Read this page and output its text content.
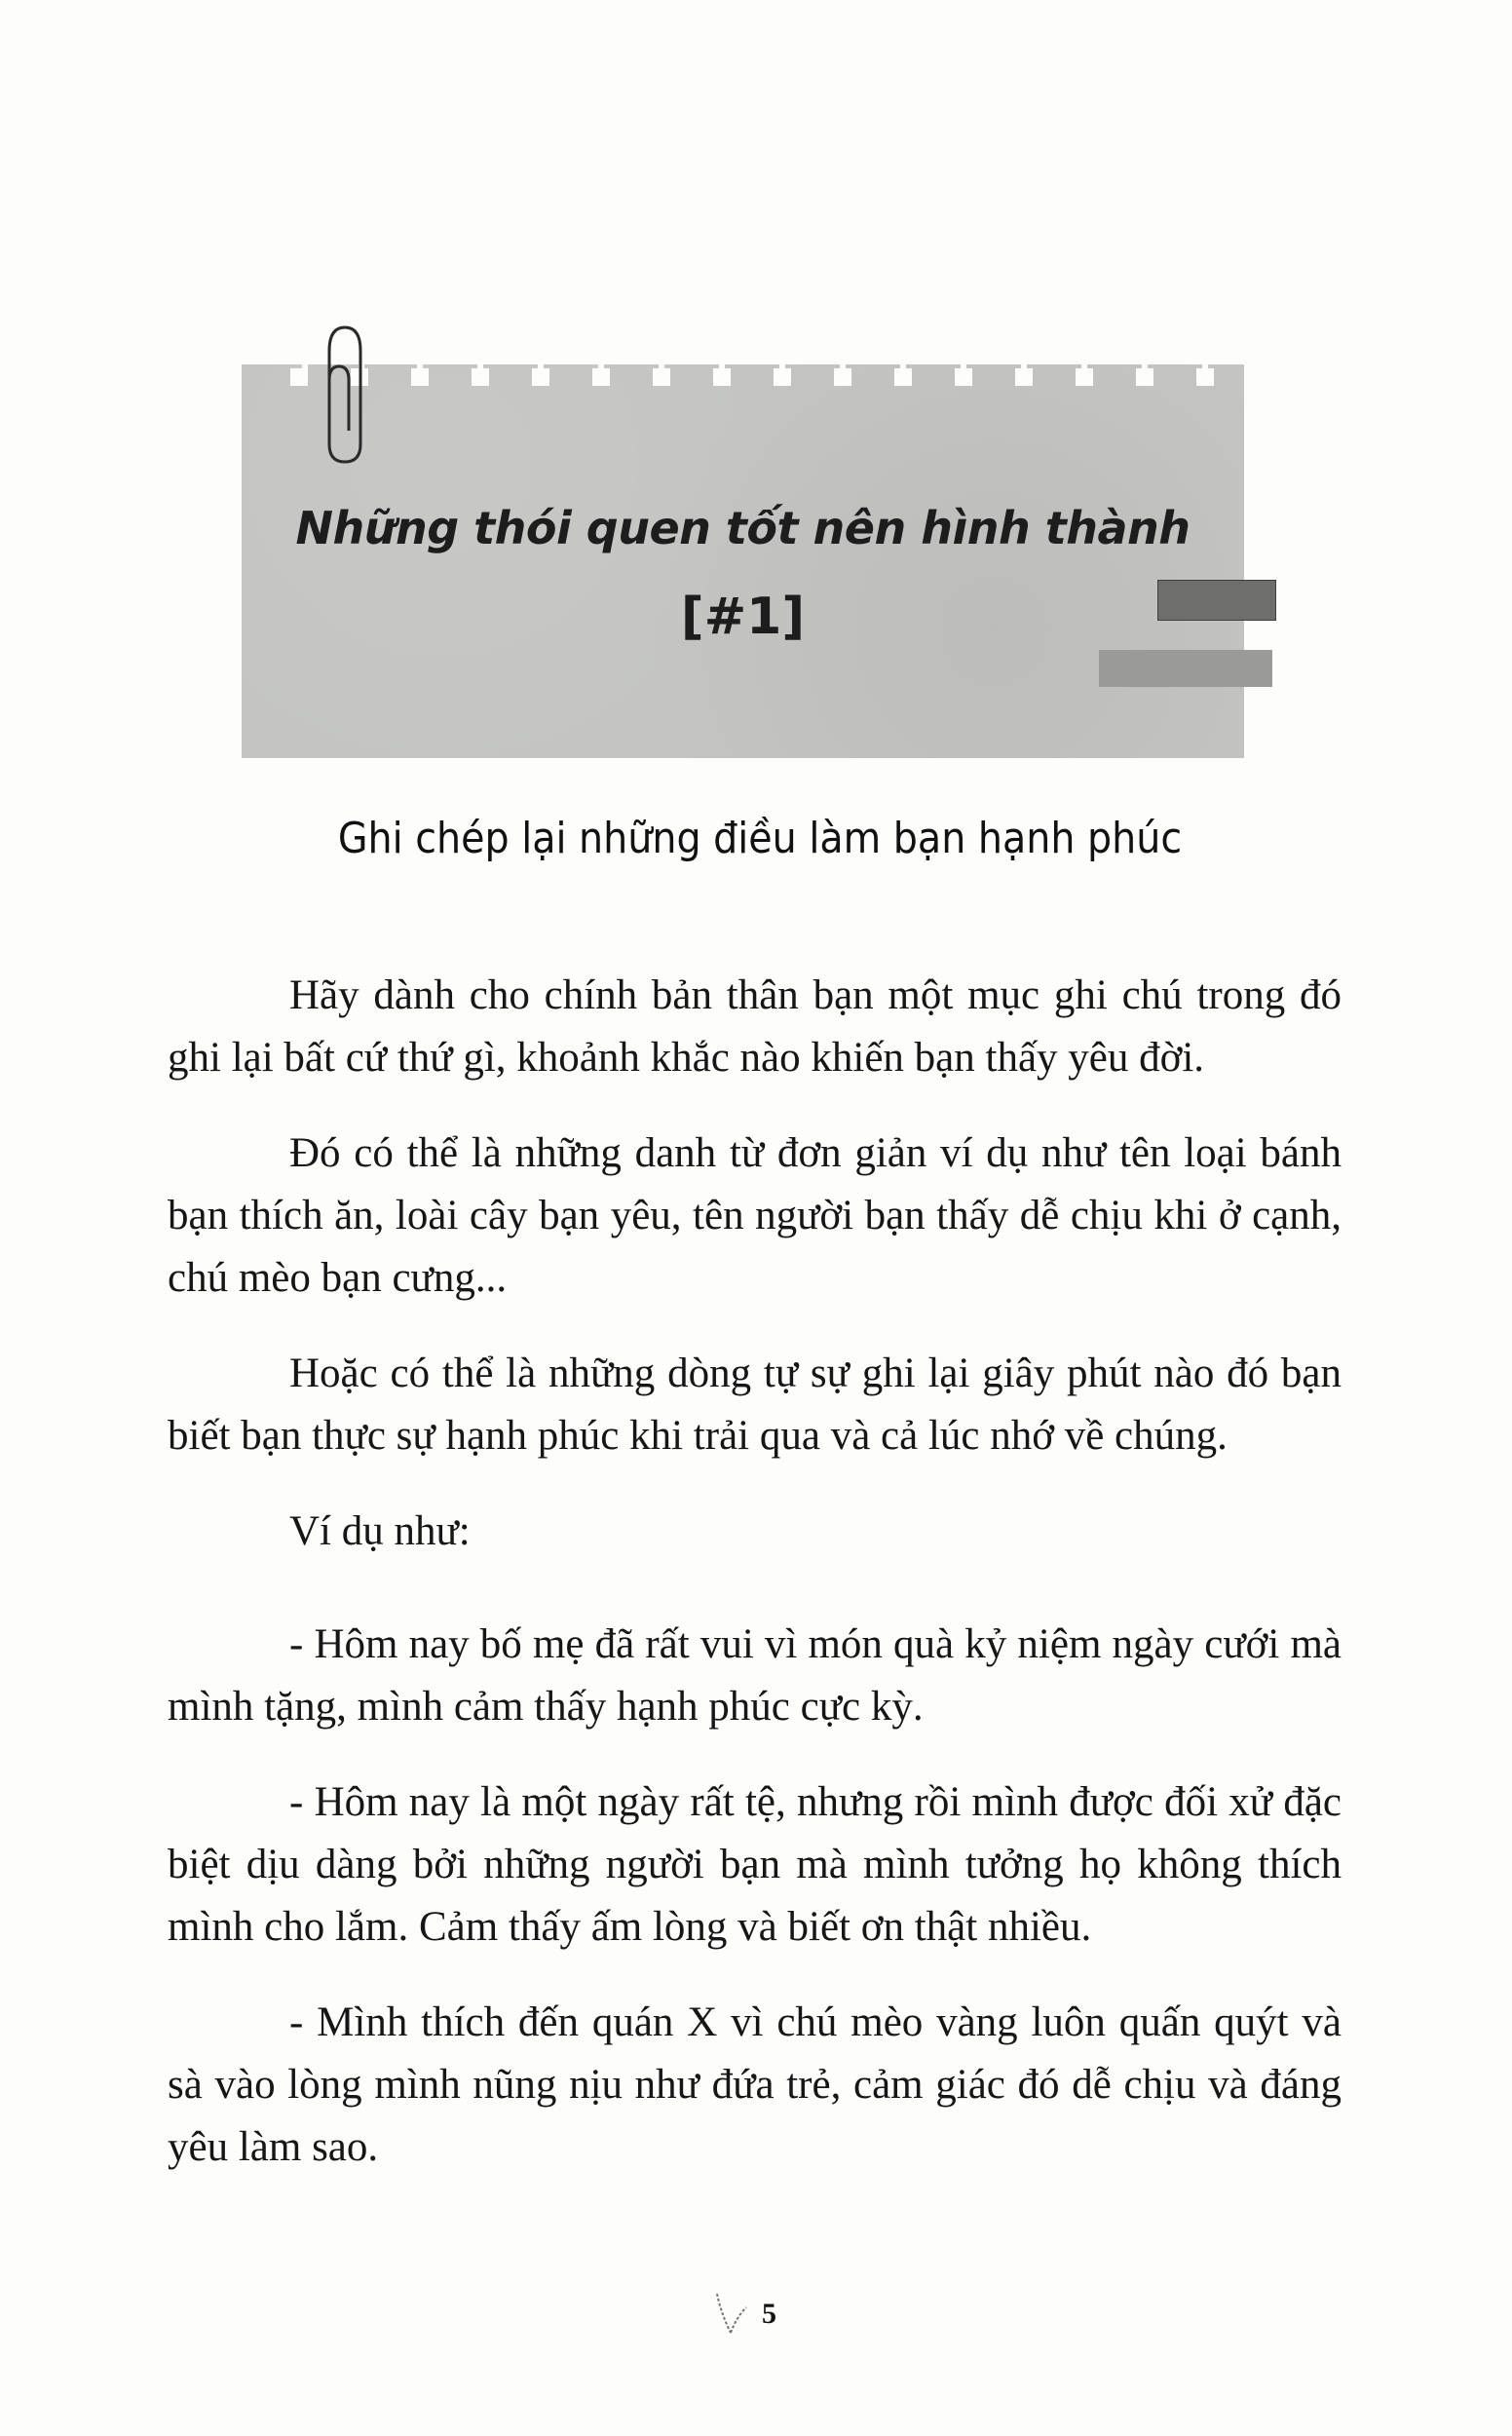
Những thói quen tốt nên hình thành
[#1]
Ghi chép lại những điều làm bạn hạnh phúc

Hãy dành cho chính bản thân bạn một mục ghi chú trong đó ghi lại bất cứ thứ gì, khoảnh khắc nào khiến bạn thấy yêu đời.

Đó có thể là những danh từ đơn giản ví dụ như tên loại bánh bạn thích ăn, loài cây bạn yêu, tên người bạn thấy dễ chịu khi ở cạnh, chú mèo bạn cưng...

Hoặc có thể là những dòng tự sự ghi lại giây phút nào đó bạn biết bạn thực sự hạnh phúc khi trải qua và cả lúc nhớ về chúng.

Ví dụ như:

- Hôm nay bố mẹ đã rất vui vì món quà kỷ niệm ngày cưới mà mình tặng, mình cảm thấy hạnh phúc cực kỳ.

- Hôm nay là một ngày rất tệ, nhưng rồi mình được đối xử đặc biệt dịu dàng bởi những người bạn mà mình tưởng họ không thích mình cho lắm. Cảm thấy ấm lòng và biết ơn thật nhiều.

- Mình thích đến quán X vì chú mèo vàng luôn quấn quýt và sà vào lòng mình nũng nịu như đứa trẻ, cảm giác đó dễ chịu và đáng yêu làm sao.

5
